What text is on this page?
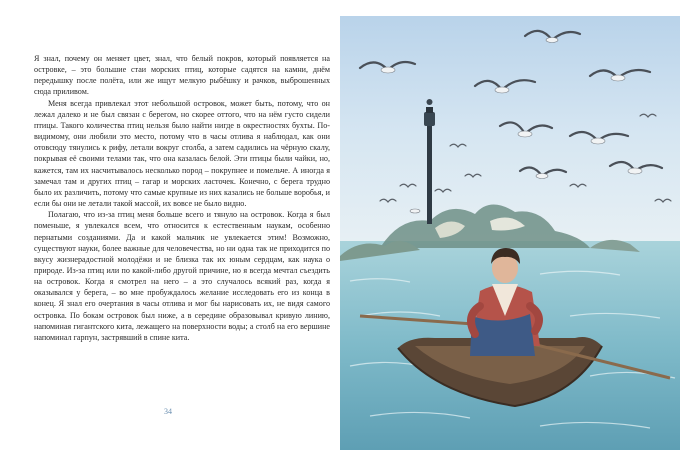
Я знал, почему он меняет цвет, знал, что белый покров, который появляется на островке, – это большие стаи морских птиц, которые садятся на камни, днём передышку после полёта, или же ищут мелкую рыбёшку и рачков, выброшенных сюда приливом.

Меня всегда привлекал этот небольшой островок, может быть, потому, что он лежал далеко и не был связан с берегом, но скорее оттого, что на нём густо сидели птицы. Такого количества птиц нельзя было найти нигде в окрестностях бухты. По-видимому, они любили это место, потому что в часы отлива я наблюдал, как они отовсюду тянулись к рифу, летали вокруг столба, а затем садились на чёрную скалу, покрывая её своими телами так, что она казалась белой. Эти птицы были чайки, но, кажется, там их насчитывалось несколько пород – покрупнее и помельче. А иногда я замечал там и других птиц – гагар и морских ласточек. Конечно, с берега трудно было их различить, потому что самые крупные из них казались не больше воробья, и если бы они не летали такой массой, их вовсе не было видно.

Полагаю, что из-за птиц меня больше всего и тянуло на островок. Когда я был поменьше, я увлекался всем, что относится к естественным наукам, особенно пернатыми созданиями. Да и какой мальчик не увлекается этим! Возможно, существуют науки, более важные для человечества, но ни одна так не приходится по вкусу жизнерадостной молодёжи и не близка так их юным сердцам, как наука о природе. Из-за птиц или по какой-либо другой причине, но я всегда мечтал съездить на островок. Когда я смотрел на него – а это случалось всякий раз, когда я оказывался у берега, – во мне пробуждалось желание исследовать его из конца в конец. Я знал его очертания в часы отлива и мог бы нарисовать их, не видя самого островка. По бокам островок был ниже, а в середине образовывал кривую линию, напоминая гигантского кита, лежащего на поверхности воды; а столб на его вершине напоминал гарпун, застрявший в спине кита.

34
